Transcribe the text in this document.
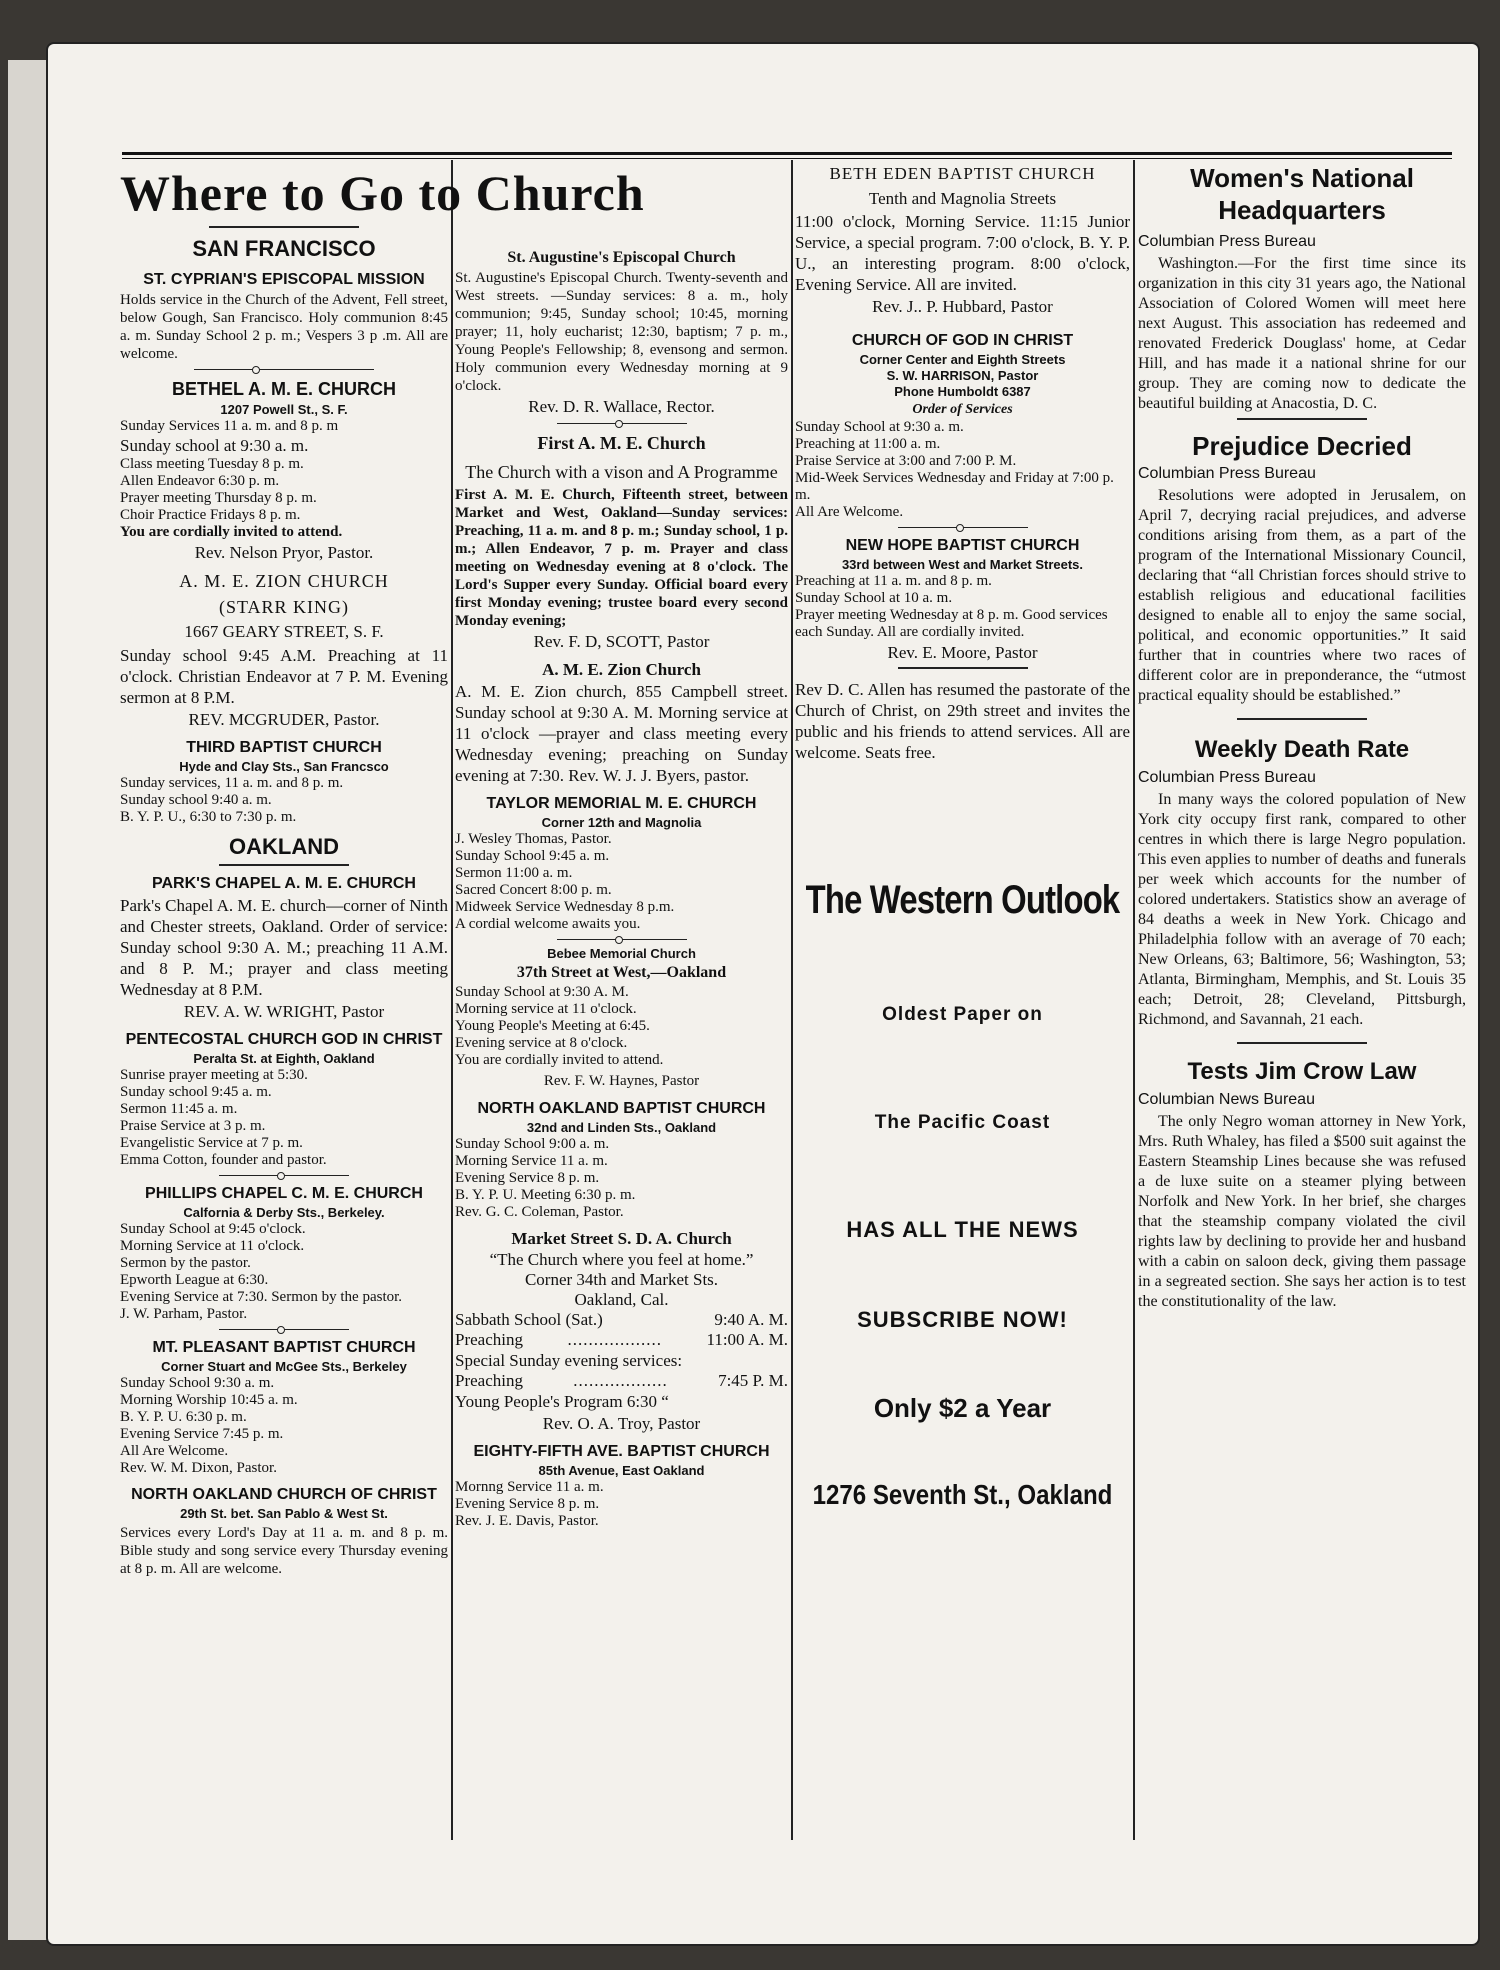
Where to Go to Church
SAN FRANCISCO
ST. CYPRIAN'S EPISCOPAL MISSION
Holds service in the Church of the Advent, Fell street, below Gough, San Francisco. Holy communion 8:45 a. m. Sunday School 2 p. m.; Vespers 3 p .m. All are welcome.
BETHEL A. M. E. CHURCH
1207 Powell St., S. F.
Sunday Services 11 a. m. and 8 p. m
Sunday school at 9:30 a. m.
Class meeting Tuesday 8 p. m.
Allen Endeavor 6:30 p. m.
Prayer meeting Thursday 8 p. m.
Choir Practice Fridays 8 p. m.
You are cordially invited to attend.
Rev. Nelson Pryor, Pastor.
A. M. E. ZION CHURCH
(STARR KING)
1667 GEARY STREET, S. F.
Sunday school 9:45 A.M. Preaching at 11 o'clock. Christian Endeavor at 7 P. M. Evening sermon at 8 P.M.
REV. MCGRUDER, Pastor.
THIRD BAPTIST CHURCH
Hyde and Clay Sts., San Francsco
Sunday services, 11 a. m. and 8 p. m.
Sunday school 9:40 a. m.
B. Y. P. U., 6:30 to 7:30 p. m.
OAKLAND
PARK'S CHAPEL A. M. E. CHURCH
Park's Chapel A. M. E. church—corner of Ninth and Chester streets, Oakland. Order of service: Sunday school 9:30 A. M.; preaching 11 A.M. and 8 P. M.; prayer and class meeting Wednesday at 8 P.M.
REV. A. W. WRIGHT, Pastor
PENTECOSTAL CHURCH GOD IN CHRIST
Peralta St. at Eighth, Oakland
Sunrise prayer meeting at 5:30.
Sunday school 9:45 a. m.
Sermon 11:45 a. m.
Praise Service at 3 p. m.
Evangelistic Service at 7 p. m.
Emma Cotton, founder and pastor.
PHILLIPS CHAPEL C. M. E. CHURCH
Calfornia & Derby Sts., Berkeley.
Sunday School at 9:45 o'clock.
Morning Service at 11 o'clock.
Sermon by the pastor.
Epworth League at 6:30.
Evening Service at 7:30. Sermon by the pastor.
J. W. Parham, Pastor.
MT. PLEASANT BAPTIST CHURCH
Corner Stuart and McGee Sts., Berkeley
Sunday School 9:30 a. m.
Morning Worship 10:45 a. m.
B. Y. P. U. 6:30 p. m.
Evening Service 7:45 p. m.
All Are Welcome.
Rev. W. M. Dixon, Pastor.
NORTH OAKLAND CHURCH OF CHRIST
29th St. bet. San Pablo & West St.
Services every Lord's Day at 11 a. m. and 8 p. m. Bible study and song service every Thursday evening at 8 p. m. All are welcome.
St. Augustine's Episcopal Church
St. Augustine's Episcopal Church. Twenty-seventh and West streets. —Sunday services: 8 a. m., holy communion; 9:45, Sunday school; 10:45, morning prayer; 11, holy eucharist; 12:30, baptism; 7 p. m., Young People's Fellowship; 8, evensong and sermon. Holy communion every Wednesday morning at 9 o'clock.
Rev. D. R. Wallace, Rector.
First A. M. E. Church
The Church with a vison and A Programme
First A. M. E. Church, Fifteenth street, between Market and West, Oakland—Sunday services: Preaching, 11 a. m. and 8 p. m.; Sunday school, 1 p. m.; Allen Endeavor, 7 p. m. Prayer and class meeting on Wednesday evening at 8 o'clock. The Lord's Supper every Sunday. Official board every first Monday evening; trustee board every second Monday evening;
Rev. F. D, SCOTT, Pastor
A. M. E. Zion Church
A. M. E. Zion church, 855 Campbell street. Sunday school at 9:30 A. M. Morning service at 11 o'clock —prayer and class meeting every Wednesday evening; preaching on Sunday evening at 7:30. Rev. W. J. J. Byers, pastor.
TAYLOR MEMORIAL M. E. CHURCH
Corner 12th and Magnolia
J. Wesley Thomas, Pastor.
Sunday School 9:45 a. m.
Sermon 11:00 a. m.
Sacred Concert 8:00 p. m.
Midweek Service Wednesday 8 p.m.
A cordial welcome awaits you.
Bebee Memorial Church
37th Street at West,—Oakland
Sunday School at 9:30 A. M.
Morning service at 11 o'clock.
Young People's Meeting at 6:45.
Evening service at 8 o'clock.
You are cordially invited to attend.
Rev. F. W. Haynes, Pastor
NORTH OAKLAND BAPTIST CHURCH
32nd and Linden Sts., Oakland
Sunday School 9:00 a. m.
Morning Service 11 a. m.
Evening Service 8 p. m.
B. Y. P. U. Meeting 6:30 p. m.
Rev. G. C. Coleman, Pastor.
Market Street S. D. A. Church
“The Church where you feel at home.”
Corner 34th and Market Sts.
Oakland, Cal.
Sabbath School (Sat.)	9:40 A. M.
Preaching	..................	11:00 A. M.
Special Sunday evening services:
Preaching	..................	7:45 P. M.
Young People's Program 6:30 “
Rev. O. A. Troy, Pastor
EIGHTY-FIFTH AVE. BAPTIST CHURCH
85th Avenue, East Oakland
Mornng Service 11 a. m.
Evening Service 8 p. m.
Rev. J. E. Davis, Pastor.
BETH EDEN BAPTIST CHURCH
Tenth and Magnolia Streets
11:00 o'clock, Morning Service. 11:15 Junior Service, a special program. 7:00 o'clock, B. Y. P. U., an interesting program. 8:00 o'clock, Evening Service. All are invited.
Rev. J.. P. Hubbard, Pastor
CHURCH OF GOD IN CHRIST
Corner Center and Eighth Streets
S. W. HARRISON, Pastor
Phone Humboldt 6387
Order of Services
Sunday School at 9:30 a. m.
Preaching at 11:00 a. m.
Praise Service at 3:00 and 7:00 P. M.
Mid-Week Services Wednesday and Friday at 7:00 p. m.
All Are Welcome.
NEW HOPE BAPTIST CHURCH
33rd between West and Market Streets.
Preaching at 11 a. m. and 8 p. m.
Sunday School at 10 a. m.
Prayer meeting Wednesday at 8 p. m. Good services each Sunday. All are cordially invited.
Rev. E. Moore, Pastor
Rev D. C. Allen has resumed the pastorate of the Church of Christ, on 29th street and invites the public and his friends to attend services. All are welcome. Seats free.
The Western Outlook
Oldest Paper on
The Pacific Coast
HAS ALL THE NEWS
SUBSCRIBE NOW!
Only $2 a Year
1276 Seventh St., Oakland
Women's National Headquarters
Columbian Press Bureau
Washington.—For the first time since its organization in this city 31 years ago, the National Association of Colored Women will meet here next August. This association has redeemed and renovated Frederick Douglass' home, at Cedar Hill, and has made it a national shrine for our group. They are coming now to dedicate the beautiful building at Anacostia, D. C.
Prejudice Decried
Columbian Press Bureau
Resolutions were adopted in Jerusalem, on April 7, decrying racial prejudices, and adverse conditions arising from them, as a part of the program of the International Missionary Council, declaring that “all Christian forces should strive to establish religious and educational facilities designed to enable all to enjoy the same social, political, and economic opportunities.” It said further that in countries where two races of different color are in preponderance, the “utmost practical equality should be established.”
Weekly Death Rate
Columbian Press Bureau
In many ways the colored population of New York city occupy first rank, compared to other centres in which there is large Negro population. This even applies to number of deaths and funerals per week which accounts for the number of colored undertakers. Statistics show an average of 84 deaths a week in New York. Chicago and Philadelphia follow with an average of 70 each; New Orleans, 63; Baltimore, 56; Washington, 53; Atlanta, Birmingham, Memphis, and St. Louis 35 each; Detroit, 28; Cleveland, Pittsburgh, Richmond, and Savannah, 21 each.
Tests Jim Crow Law
Columbian News Bureau
The only Negro woman attorney in New York, Mrs. Ruth Whaley, has filed a $500 suit against the Eastern Steamship Lines because she was refused a de luxe suite on a steamer plying between Norfolk and New York. In her brief, she charges that the steamship company violated the civil rights law by declining to provide her and husband with a cabin on saloon deck, giving them passage in a segreated section. She says her action is to test the constitutionality of the law.
